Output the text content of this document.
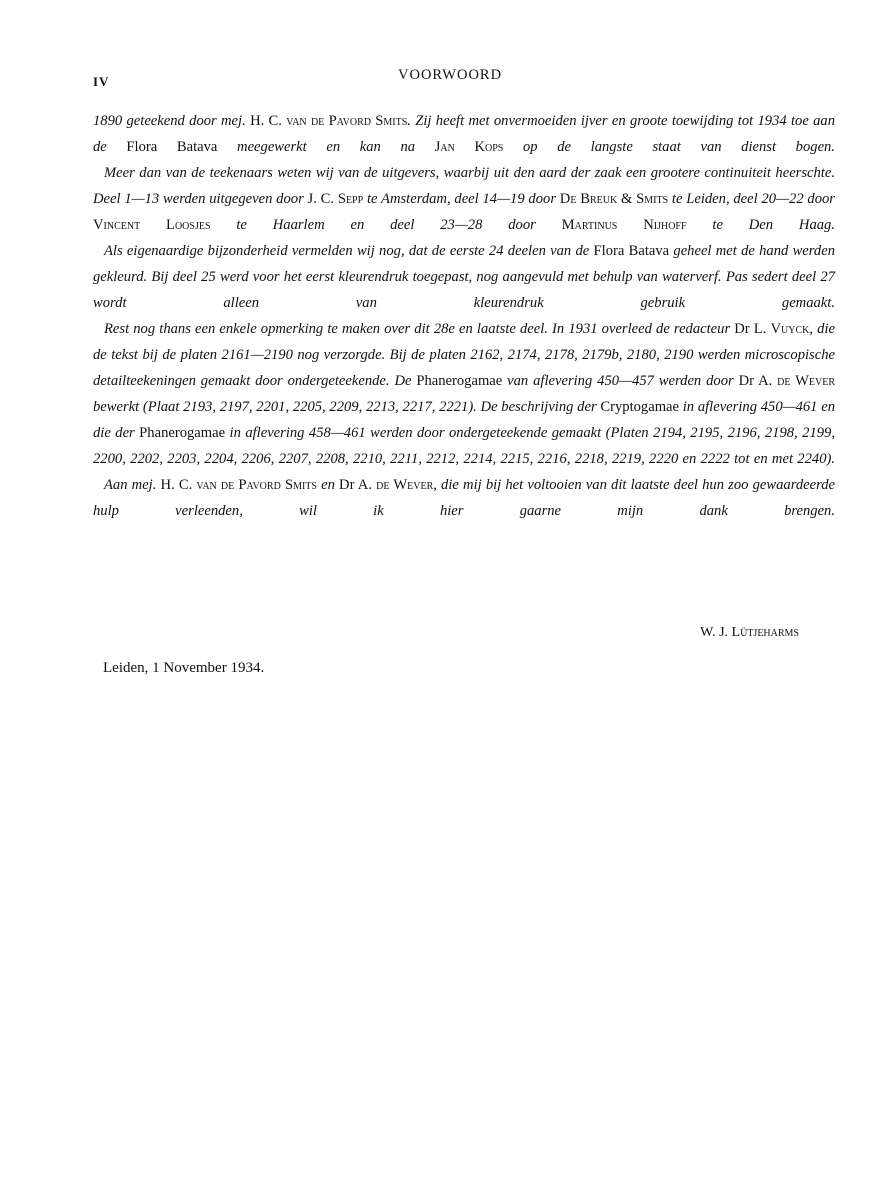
IV	VOORWOORD

1890 geteekend door mej. H. C. van de Pavord Smits. Zij heeft met onvermoeiden ijver en groote toewijding tot 1934 toe aan de Flora Batava meegewerkt en kan na Jan Kops op de langste staat van dienst bogen.

Meer dan van de teekenaars weten wij van de uitgevers, waarbij uit den aard der zaak een grootere continuiteit heerschte. Deel 1—13 werden uitgegeven door J. C. Sepp te Amsterdam, deel 14—19 door De Breuk & Smits te Leiden, deel 20—22 door Vincent Loosjes te Haarlem en deel 23—28 door Martinus Nijhoff te Den Haag.

Als eigenaardige bijzonderheid vermelden wij nog, dat de eerste 24 deelen van de Flora Batava geheel met de hand werden gekleurd. Bij deel 25 werd voor het eerst kleurendruk toegepast, nog aangevuld met behulp van waterverf. Pas sedert deel 27 wordt alleen van kleurendruk gebruik gemaakt.

Rest nog thans een enkele opmerking te maken over dit 28e en laatste deel. In 1931 overleed de redacteur Dr L. Vuyck, die de tekst bij de platen 2161—2190 nog verzorgde. Bij de platen 2162, 2174, 2178, 2179b, 2180, 2190 werden microscopische detailteekeningen gemaakt door ondergeteekende. De Phanerogamae van aflevering 450—457 werden door Dr A. de Wever bewerkt (Plaat 2193, 2197, 2201, 2205, 2209, 2213, 2217, 2221). De beschrijving der Cryptogamae in aflevering 450—461 en die der Phanerogamae in aflevering 458—461 werden door ondergeteekende gemaakt (Platen 2194, 2195, 2196, 2198, 2199, 2200, 2202, 2203, 2204, 2206, 2207, 2208, 2210, 2211, 2212, 2214, 2215, 2216, 2218, 2219, 2220 en 2222 tot en met 2240).

Aan mej. H. C. van de Pavord Smits en Dr A. de Wever, die mij bij het voltooien van dit laatste deel hun zoo gewaardeerde hulp verleenden, wil ik hier gaarne mijn dank brengen.

W. J. Lütjeharms
Leiden, 1 November 1934.
